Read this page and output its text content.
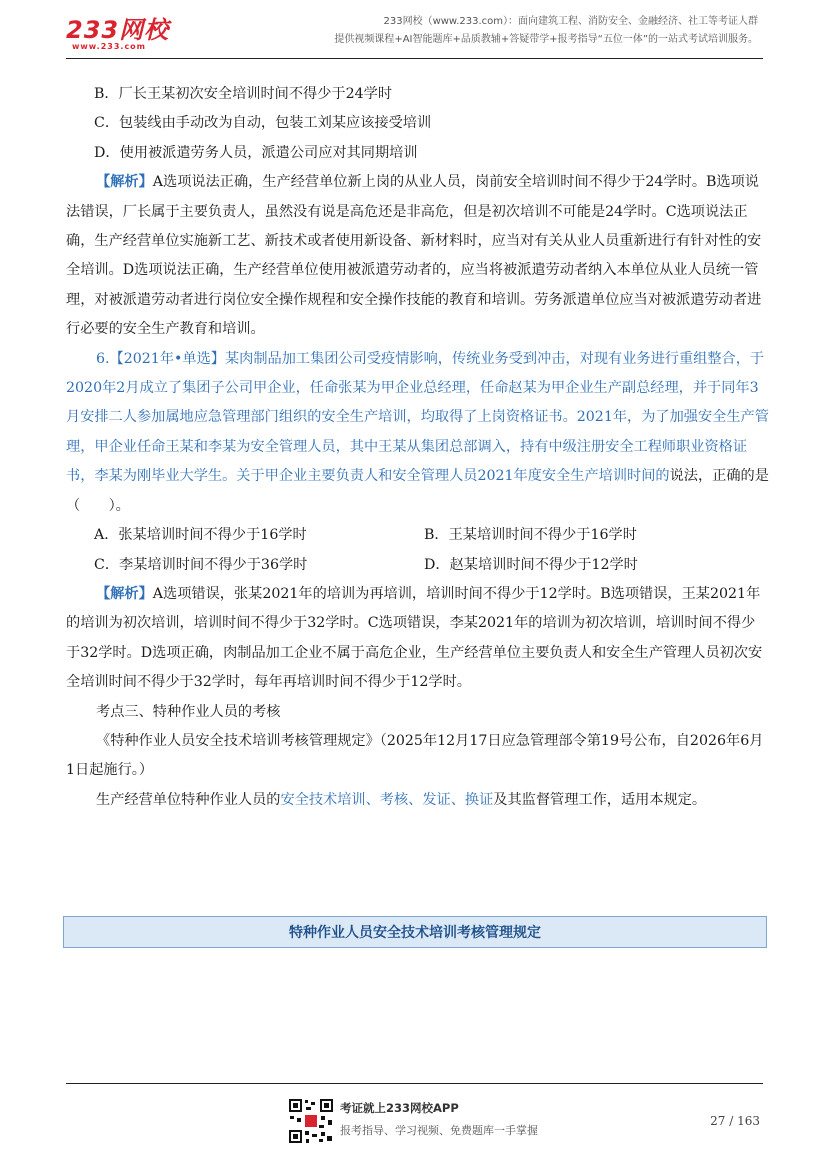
233网校
www.233.com
233网校（www.233.com）：面向建筑工程、消防安全、金融经济、社工等考证人群
提供视频课程+AI智能题库+品质教辅+答疑带学+报考指导“五位一体”的一站式考试培训服务。

B．厂长王某初次安全培训时间不得少于24学时

C．包装线由手动改为自动，包装工刘某应该接受培训

D．使用被派遣劳务人员，派遣公司应对其同期培训

【解析】A选项说法正确，生产经营单位新上岗的从业人员，岗前安全培训时间不得少于24学时。B选项说法错误，厂长属于主要负责人，虽然没有说是高危还是非高危，但是初次培训不可能是24学时。C选项说法正确，生产经营单位实施新工艺、新技术或者使用新设备、新材料时，应当对有关从业人员重新进行有针对性的安全培训。D选项说法正确，生产经营单位使用被派遣劳动者的，应当将被派遣劳动者纳入本单位从业人员统一管理，对被派遣劳动者进行岗位安全操作规程和安全操作技能的教育和培训。劳务派遣单位应当对被派遣劳动者进行必要的安全生产教育和培训。

6.【2021年•单选】某肉制品加工集团公司受疫情影响，传统业务受到冲击，对现有业务进行重组整合，于2020年2月成立了集团子公司甲企业，任命张某为甲企业总经理，任命赵某为甲企业生产副总经理，并于同年3月安排二人参加属地应急管理部门组织的安全生产培训，均取得了上岗资格证书。2021年，为了加强安全生产管理，甲企业任命王某和李某为安全管理人员，其中王某从集团总部调入，持有中级注册安全工程师职业资格证书，李某为刚毕业大学生。关于甲企业主要负责人和安全管理人员2021年度安全生产培训时间的说法，正确的是（　　）。

A．张某培训时间不得少于16学时	B．王某培训时间不得少于16学时
C．李某培训时间不得少于36学时	D．赵某培训时间不得少于12学时

【解析】A选项错误，张某2021年的培训为再培训，培训时间不得少于12学时。B选项错误，王某2021年的培训为初次培训，培训时间不得少于32学时。C选项错误，李某2021年的培训为初次培训，培训时间不得少于32学时。D选项正确，肉制品加工企业不属于高危企业，生产经营单位主要负责人和安全生产管理人员初次安全培训时间不得少于32学时，每年再培训时间不得少于12学时。

考点三、特种作业人员的考核

《特种作业人员安全技术培训考核管理规定》（2025年12月17日应急管理部令第19号公布，自2026年6月1日起施行。）

生产经营单位特种作业人员的安全技术培训、考核、发证、换证及其监督管理工作，适用本规定。

特种作业人员安全技术培训考核管理规定
考证就上233网校APP
报考指导、学习视频、免费题库一手掌握
27 / 163
